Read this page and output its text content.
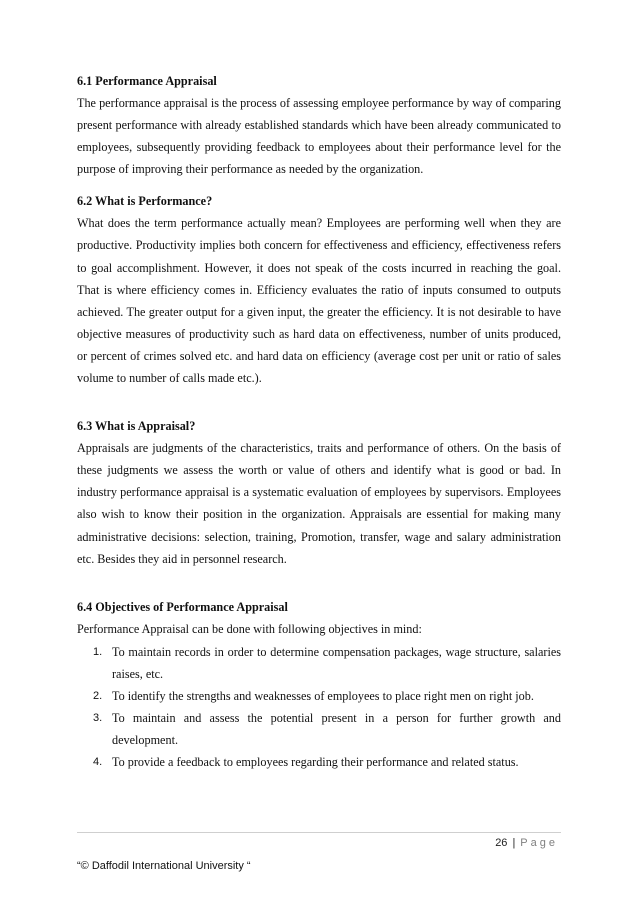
6.1 Performance Appraisal

The performance appraisal is the process of assessing employee performance by way of comparing present performance with already established standards which have been already communicated to employees, subsequently providing feedback to employees about their performance level for the purpose of improving their performance as needed by the organization.

6.2 What is Performance?

What does the term performance actually mean? Employees are performing well when they are productive. Productivity implies both concern for effectiveness and efficiency, effectiveness refers to goal accomplishment. However, it does not speak of the costs incurred in reaching the goal. That is where efficiency comes in. Efficiency evaluates the ratio of inputs consumed to outputs achieved. The greater output for a given input, the greater the efficiency. It is not desirable to have objective measures of productivity such as hard data on effectiveness, number of units produced, or percent of crimes solved etc. and hard data on efficiency (average cost per unit or ratio of sales volume to number of calls made etc.).

6.3 What is Appraisal?

Appraisals are judgments of the characteristics, traits and performance of others. On the basis of these judgments we assess the worth or value of others and identify what is good or bad. In industry performance appraisal is a systematic evaluation of employees by supervisors. Employees also wish to know their position in the organization. Appraisals are essential for making many administrative decisions: selection, training, Promotion, transfer, wage and salary administration etc. Besides they aid in personnel research.

6.4 Objectives of Performance Appraisal

Performance Appraisal can be done with following objectives in mind:

1. To maintain records in order to determine compensation packages, wage structure, salaries raises, etc.
2. To identify the strengths and weaknesses of employees to place right men on right job.
3. To maintain and assess the potential present in a person for further growth and development.
4. To provide a feedback to employees regarding their performance and related status.
26 | Page
“© Daffodil International University “
